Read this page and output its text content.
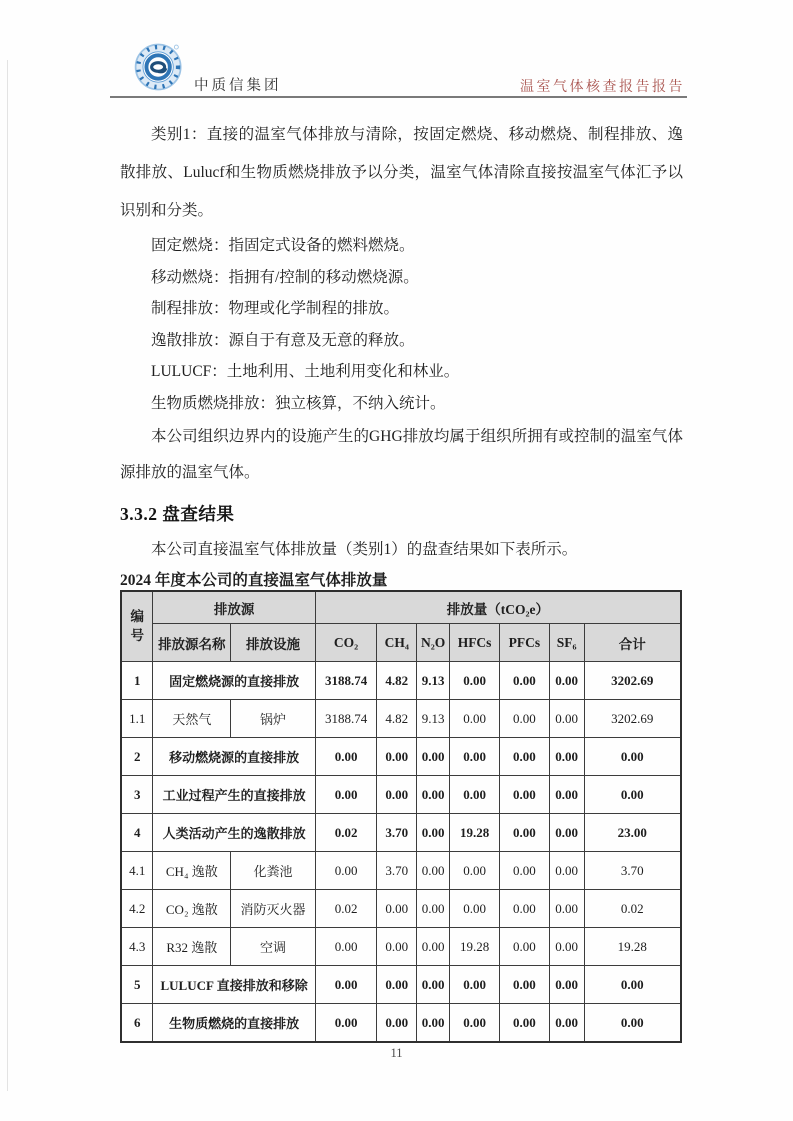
中质信集团	温室气体核查报告报告

类别1：直接的温室气体排放与清除，按固定燃烧、移动燃烧、制程排放、逸散排放、Lulucf和生物质燃烧排放予以分类，温室气体清除直接按温室气体汇予以识别和分类。

固定燃烧：指固定式设备的燃料燃烧。

移动燃烧：指拥有/控制的移动燃烧源。

制程排放：物理或化学制程的排放。

逸散排放：源自于有意及无意的释放。

LULUCF：土地利用、土地利用变化和林业。

生物质燃烧排放：独立核算，不纳入统计。

本公司组织边界内的设施产生的GHG排放均属于组织所拥有或控制的温室气体源排放的温室气体。

3.3.2 盘查结果

本公司直接温室气体排放量（类别1）的盘查结果如下表所示。

2024 年度本公司的直接温室气体排放量

编号	排放源		排放量（tCO₂e）						
	排放源名称	排放设施	CO₂	CH₄	N₂O	HFCs	PFCs	SF₆	合计
1	固定燃烧源的直接排放		3188.74	4.82	9.13	0.00	0.00	0.00	3202.69
1.1	天然气	锅炉	3188.74	4.82	9.13	0.00	0.00	0.00	3202.69
2	移动燃烧源的直接排放		0.00	0.00	0.00	0.00	0.00	0.00	0.00
3	工业过程产生的直接排放		0.00	0.00	0.00	0.00	0.00	0.00	0.00
4	人类活动产生的逸散排放		0.02	3.70	0.00	19.28	0.00	0.00	23.00
4.1	CH₄ 逸散	化粪池	0.00	3.70	0.00	0.00	0.00	0.00	3.70
4.2	CO₂ 逸散	消防灭火器	0.02	0.00	0.00	0.00	0.00	0.00	0.02
4.3	R32 逸散	空调	0.00	0.00	0.00	19.28	0.00	0.00	19.28
5	LULUCF 直接排放和移除		0.00	0.00	0.00	0.00	0.00	0.00	0.00
6	生物质燃烧的直接排放		0.00	0.00	0.00	0.00	0.00	0.00	0.00
11
